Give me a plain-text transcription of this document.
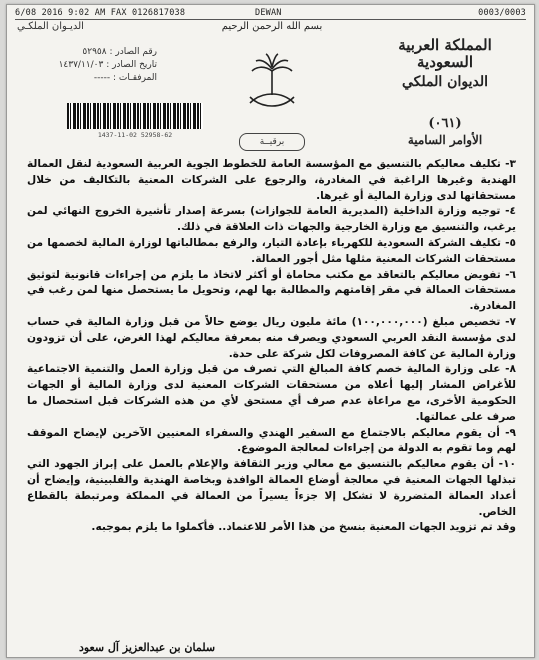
6/08 2016 9:02 AM FAX 0126817038	DEWAN	0003/0003
المملكة العربية السعودية
الديوان الملكي
(٠٦١)
الأوامر السامية
بسم الله الرحمن الرحيم
الديـوان الملكـي
رقم الصادر : ٥٢٩٥٨
تاريخ الصادر : ١٤٣٧/١١/٠٣
المرفقـات : -----
1437-11-02 52958-62
برقيــة

٣- تكليف معاليكم بالتنسيق مع المؤسسة العامة للخطوط الجوية العربية السعودية لنقل العمالة الهندية وغيرها الراغبة في المغادرة، والرجوع على الشركات المعنية بالتكاليف من خلال مستحقاتها لدى وزارة المالية أو غيرها.

٤- توجيه وزارة الداخلية (المديرية العامة للجوازات) بسرعة إصدار تأشيرة الخروج النهائي لمن يرغب، والتنسيق مع وزارة الخارجية والجهات ذات العلاقة في ذلك.

٥- تكليف الشركة السعودية للكهرباء بإعادة التيار، والرفع بمطالباتها لوزارة المالية لخصمها من مستحقات الشركات المعنية مثلها مثل أجور العمالة.

٦- تفويض معاليكم بالتعاقد مع مكتب محاماة أو أكثر لاتخاذ ما يلزم من إجراءات قانونية لتوثيق مستحقات العمالة في مقر إقامتهم والمطالبة بها لهم، وتحويل ما يستحصل منها لمن رغب في المغادرة.

٧- تخصيص مبلغ (١٠٠,٠٠٠,٠٠٠) مائة مليون ريال يوضع حالاً من قبل وزارة المالية في حساب لدى مؤسسة النقد العربي السعودي ويصرف منه بمعرفة معاليكم لهذا الغرض، على أن تزودون وزارة المالية عن كافة المصروفات لكل شركة على حدة.

٨- على وزارة المالية خصم كافة المبالغ التي تصرف من قبل وزارة العمل والتنمية الاجتماعية للأغراض المشار إليها أعلاه من مستحقات الشركات المعنية لدى وزارة المالية أو الجهات الحكومية الأخرى، مع مراعاة عدم صرف أي مستحق لأي من هذه الشركات قبل استحصال ما صرف على عمالتها.

٩- أن يقوم معاليكم بالاجتماع مع السفير الهندي والسفراء المعنيين الآخرين لإيضاح الموقف لهم وما تقوم به الدولة من إجراءات لمعالجة الموضوع.

١٠- أن يقوم معاليكم بالتنسيق مع معالي وزير الثقافة والإعلام بالعمل على إبراز الجهود التي تبذلها الجهات المعنية في معالجة أوضاع العمالة الوافدة وبخاصة الهندية والفلبينية، وإيضاح أن أعداد العمالة المتضررة لا تشكل إلا جزءاً يسيراً من العمالة في المملكة ومرتبطة بالقطاع الخاص.

وقد تم تزويد الجهات المعنية بنسخ من هذا الأمر للاعتماد.. فأكملوا ما يلزم بموجبه.

سلمان بن عبدالعزيز آل سعود
